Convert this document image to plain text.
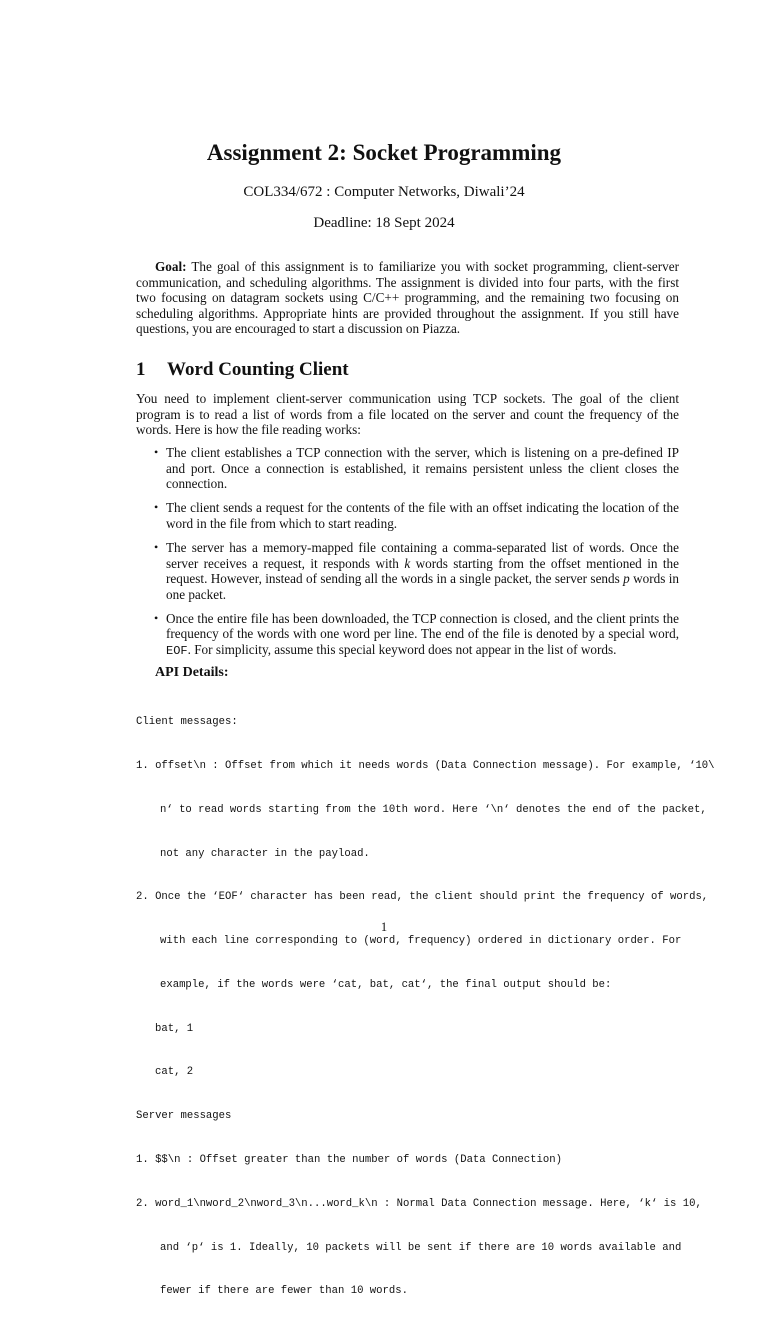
Assignment 2: Socket Programming
COL334/672 : Computer Networks, Diwali’24
Deadline: 18 Sept 2024

Goal: The goal of this assignment is to familiarize you with socket programming, client-server communication, and scheduling algorithms. The assignment is divided into four parts, with the first two focusing on datagram sockets using C/C++ programming, and the remaining two focusing on scheduling algorithms. Appropriate hints are provided throughout the assignment. If you still have questions, you are encouraged to start a discussion on Piazza.

1 Word Counting Client

You need to implement client-server communication using TCP sockets. The goal of the client program is to read a list of words from a file located on the server and count the frequency of the words. Here is how the file reading works:

• The client establishes a TCP connection with the server, which is listening on a pre-defined IP and port. Once a connection is established, it remains persistent unless the client closes the connection.
• The client sends a request for the contents of the file with an offset indicating the location of the word in the file from which to start reading.
• The server has a memory-mapped file containing a comma-separated list of words. Once the server receives a request, it responds with k words starting from the offset mentioned in the request. However, instead of sending all the words in a single packet, the server sends p words in one packet.
• Once the entire file has been downloaded, the TCP connection is closed, and the client prints the frequency of the words with one word per line. The end of the file is denoted by a special word, EOF. For simplicity, assume this special keyword does not appear in the list of words.
API Details:

Client messages:

1. offset\n : Offset from which it needs words (Data Connection message). For example, ‘10\

n‘ to read words starting from the 10th word. Here ‘\n‘ denotes the end of the packet,

not any character in the payload.

2. Once the ‘EOF‘ character has been read, the client should print the frequency of words,

with each line corresponding to (word, frequency) ordered in dictionary order. For

example, if the words were ‘cat, bat, cat‘, the final output should be:

bat, 1

cat, 2

Server messages

1. $$\n : Offset greater than the number of words (Data Connection)

2. word_1\nword_2\nword_3\n...word_k\n : Normal Data Connection message. Here, ‘k‘ is 10,

and ‘p‘ is 1. Ideally, 10 packets will be sent if there are 10 words available and

fewer if there are fewer than 10 words.

1
